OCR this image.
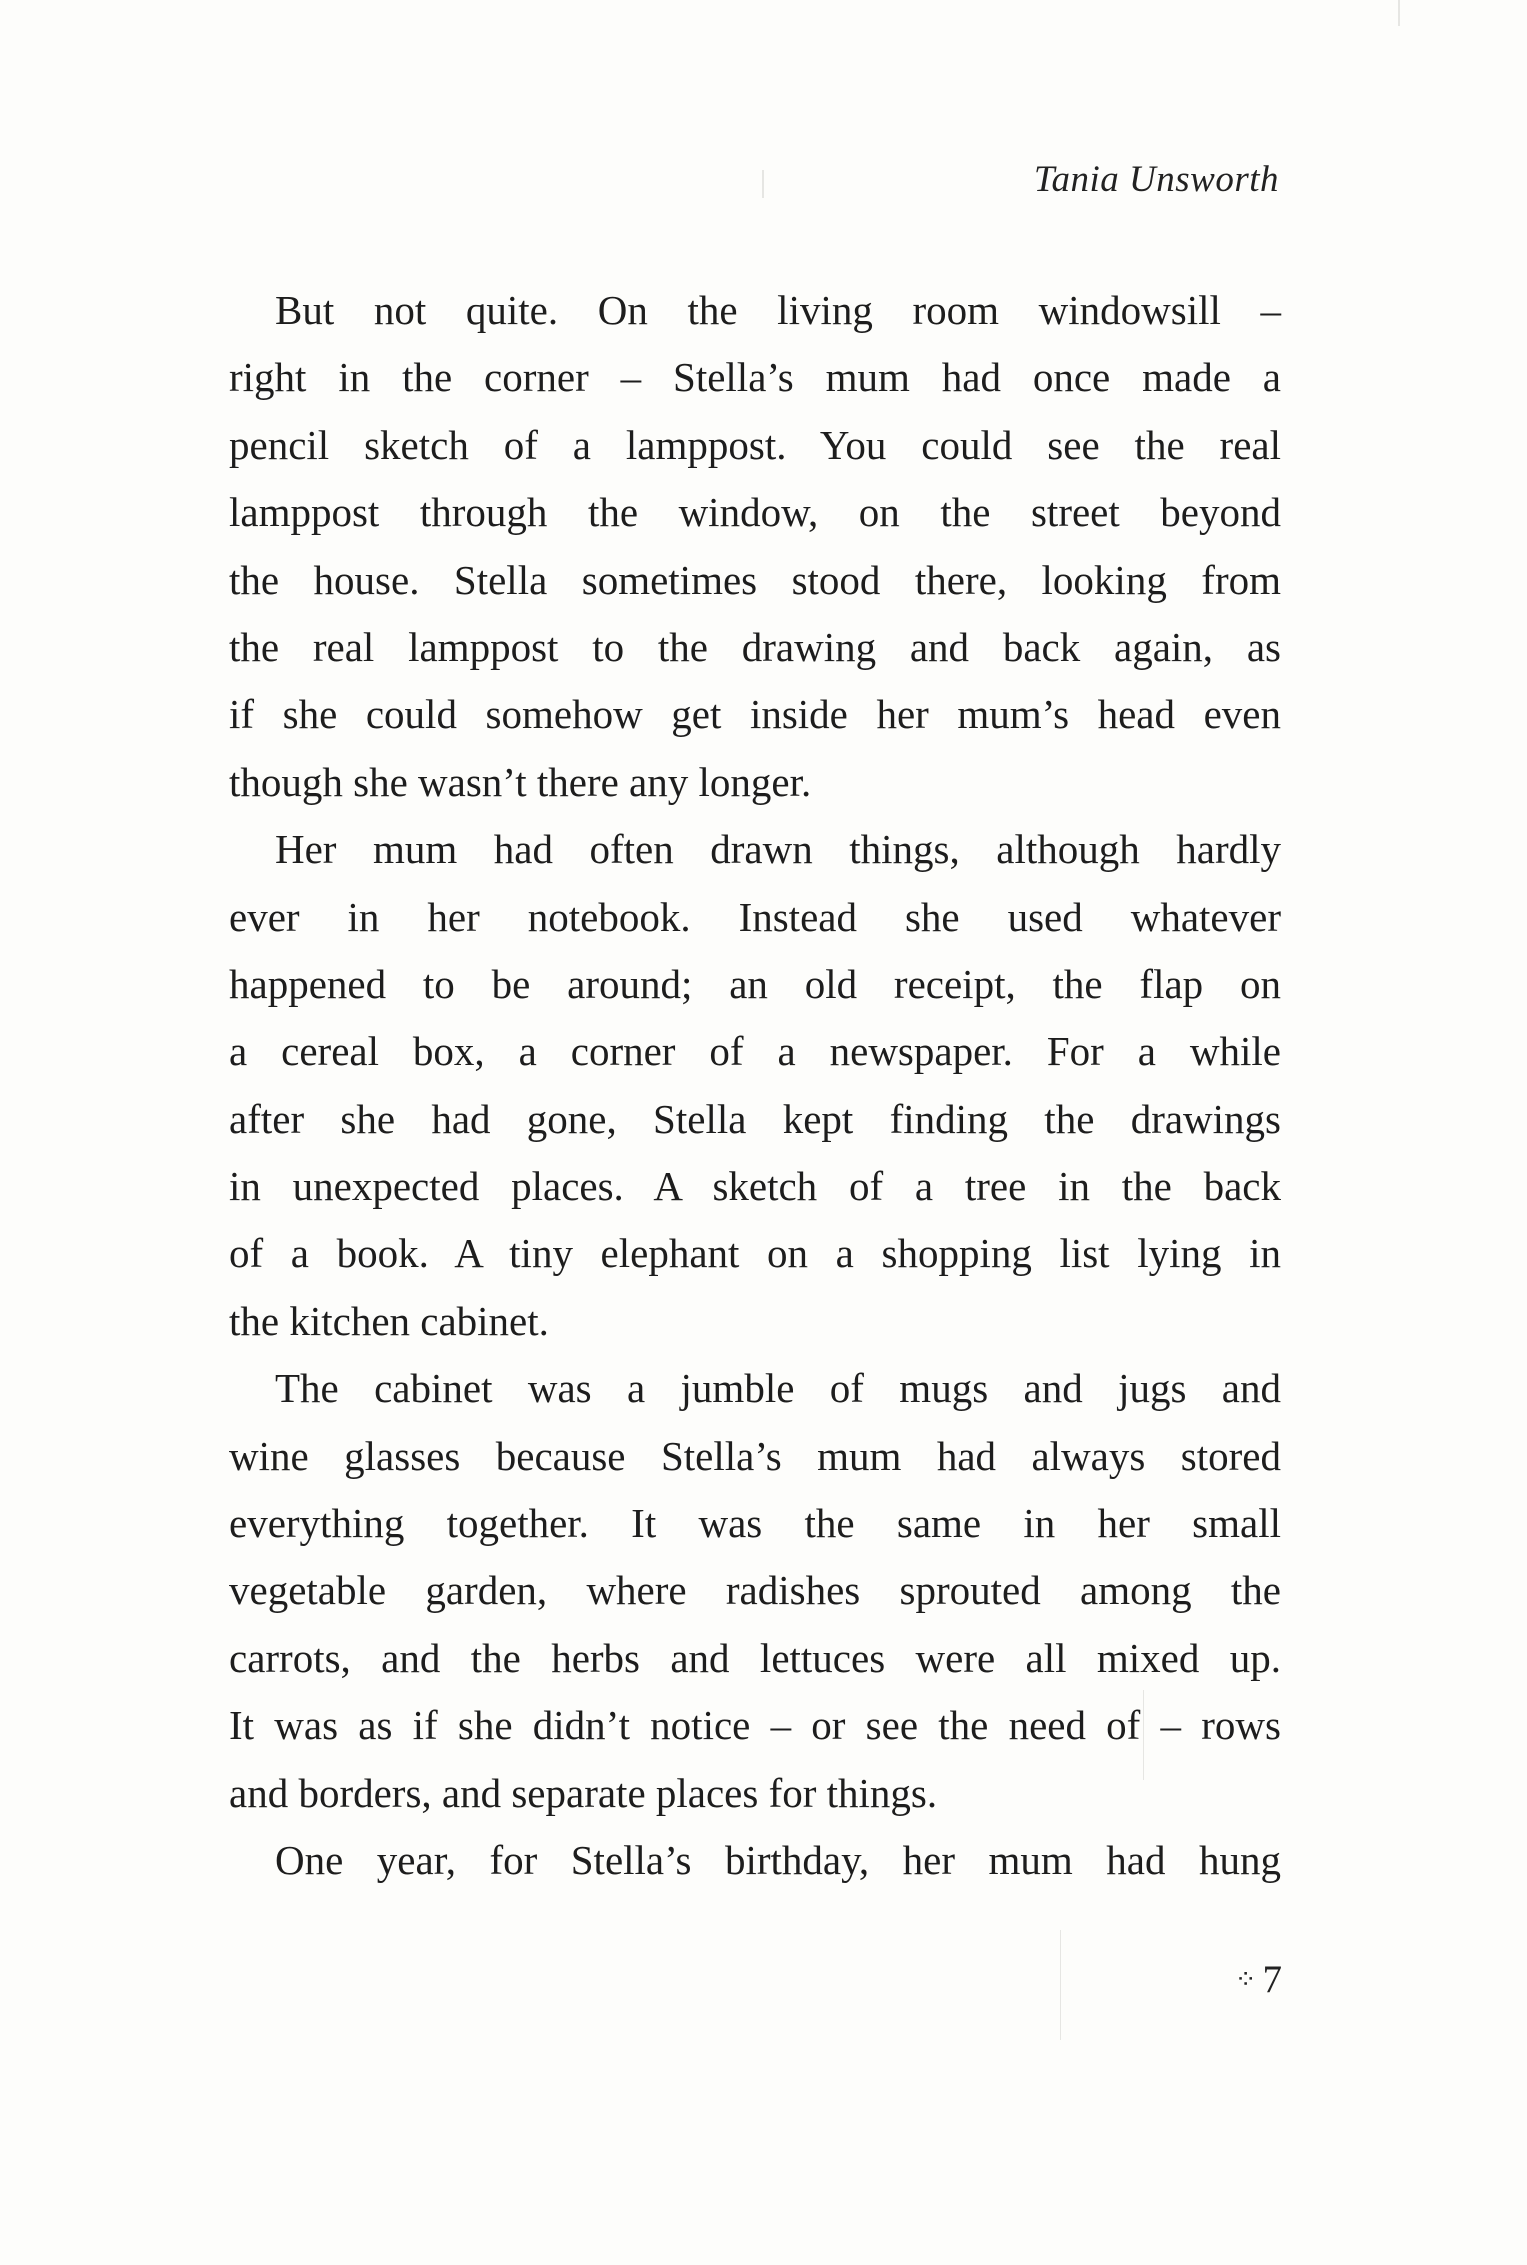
Tania Unsworth
But not quite. On the living room windowsill –
right in the corner – Stella’s mum had once made a
pencil sketch of a lamppost. You could see the real
lamppost through the window, on the street beyond
the house. Stella sometimes stood there, looking from
the real lamppost to the drawing and back again, as
if she could somehow get inside her mum’s head even
though she wasn’t there any longer.
Her mum had often drawn things, although hardly
ever in her notebook. Instead she used whatever
happened to be around; an old receipt, the flap on
a cereal box, a corner of a newspaper. For a while
after she had gone, Stella kept finding the drawings
in unexpected places. A sketch of a tree in the back
of a book. A tiny elephant on a shopping list lying in
the kitchen cabinet.
The cabinet was a jumble of mugs and jugs and
wine glasses because Stella’s mum had always stored
everything together. It was the same in her small
vegetable garden, where radishes sprouted among the
carrots, and the herbs and lettuces were all mixed up.
It was as if she didn’t notice – or see the need of – rows
and borders, and separate places for things.
One year, for Stella’s birthday, her mum had hung
⁘ 7
